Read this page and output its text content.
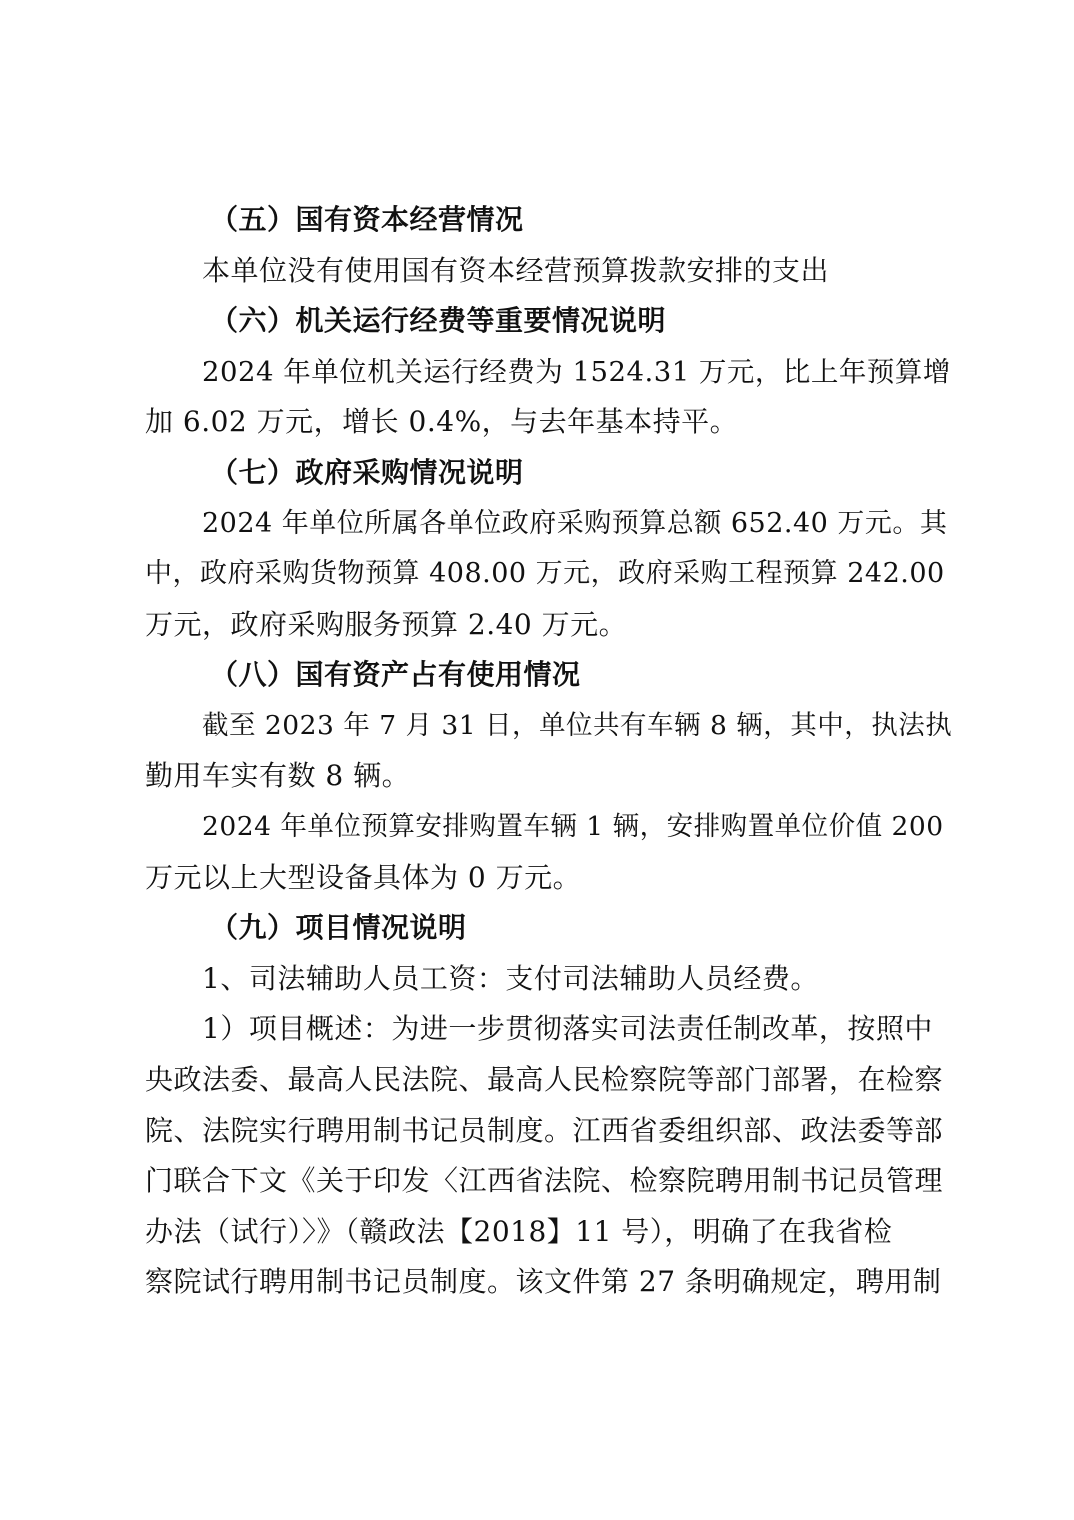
（五）国有资本经营情况
本单位没有使用国有资本经营预算拨款安排的支出
（六）机关运行经费等重要情况说明
2024 年单位机关运行经费为 1524.31 万元，比上年预算增
加 6.02 万元，增长 0.4%，与去年基本持平。
（七）政府采购情况说明
2024 年单位所属各单位政府采购预算总额 652.40 万元。其
中，政府采购货物预算 408.00 万元，政府采购工程预算 242.00
万元，政府采购服务预算 2.40 万元。
（八）国有资产占有使用情况
截至 2023 年 7 月 31 日，单位共有车辆 8 辆，其中，执法执
勤用车实有数 8 辆。
2024 年单位预算安排购置车辆 1 辆，安排购置单位价值 200
万元以上大型设备具体为 0 万元。
（九）项目情况说明
1、司法辅助人员工资：支付司法辅助人员经费。
1）项目概述：为进一步贯彻落实司法责任制改革，按照中
央政法委、最高人民法院、最高人民检察院等部门部署，在检察
院、法院实行聘用制书记员制度。江西省委组织部、政法委等部
门联合下文《关于印发〈江西省法院、检察院聘用制书记员管理
办法（试行）〉》（赣政法【2018】11 号），明确了在我省检
察院试行聘用制书记员制度。该文件第 27 条明确规定，聘用制
